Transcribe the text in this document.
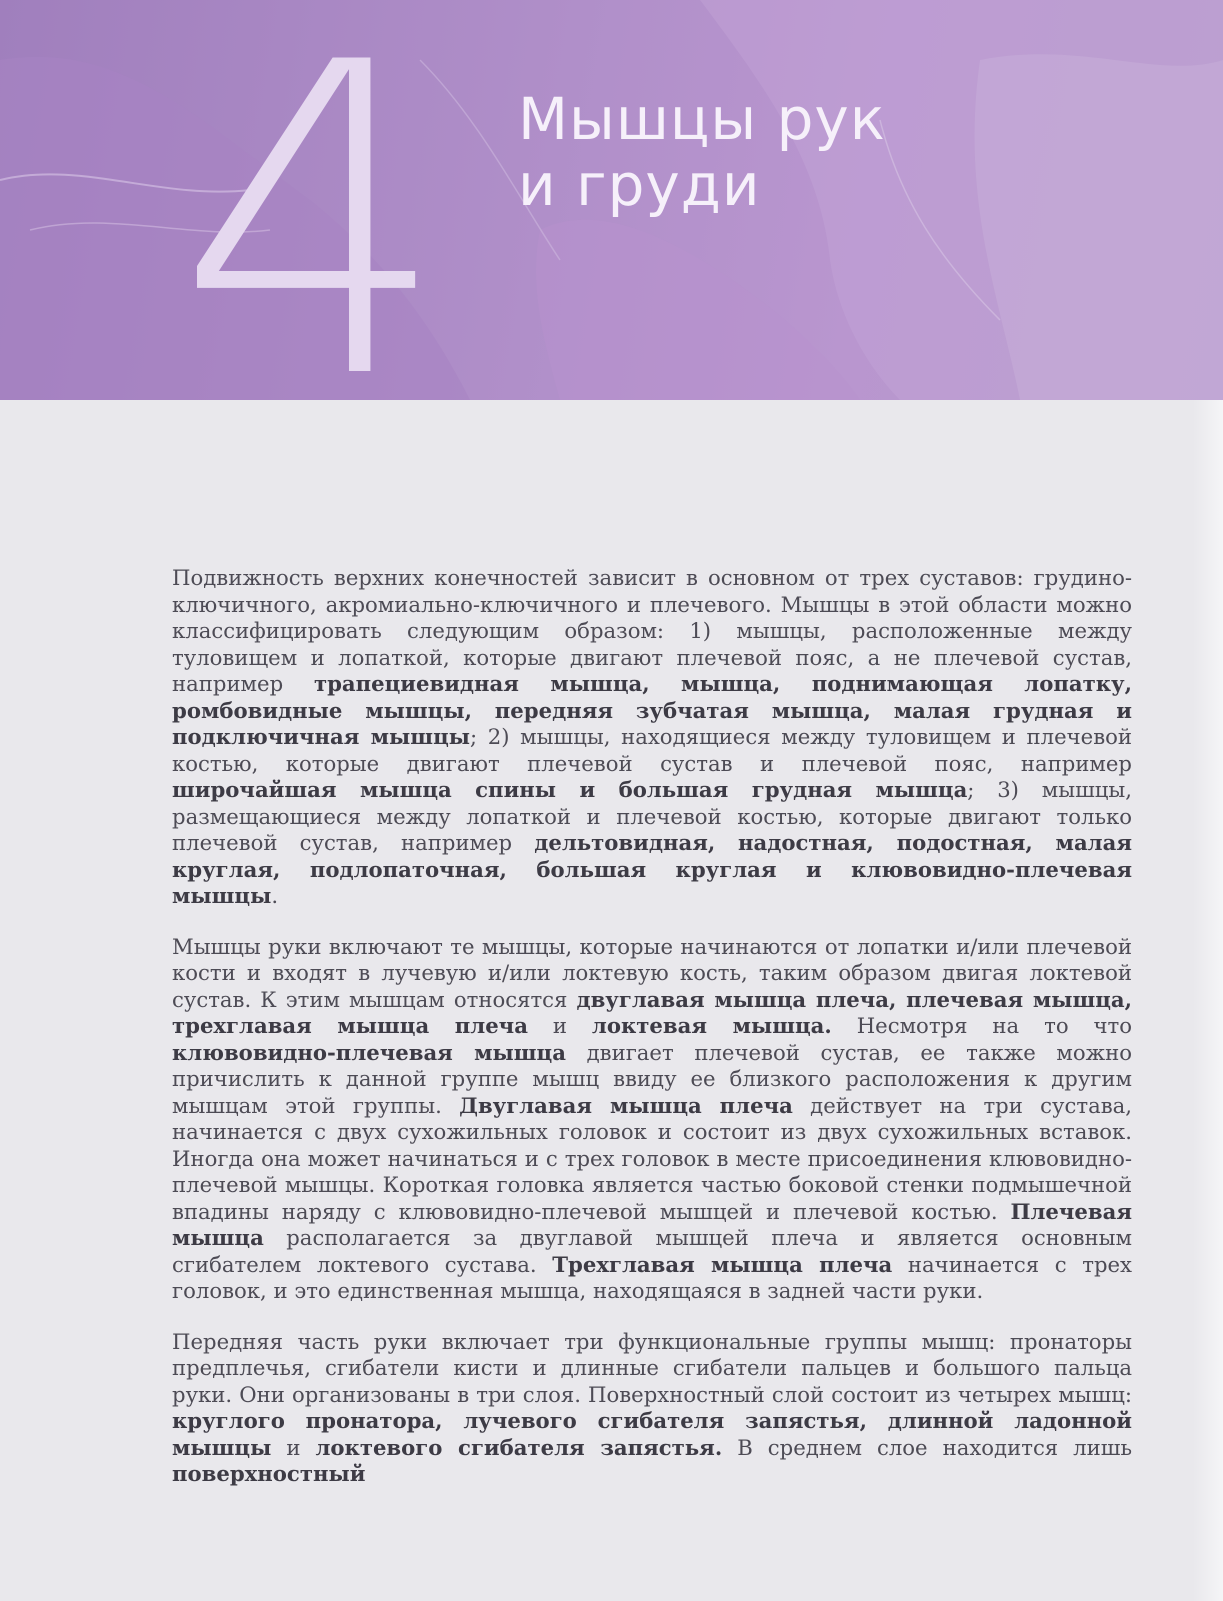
4 Мышцы рук
и груди

Подвижность верхних конечностей зависит в основном от трех суставов: грудино-ключичного, акромиально-ключичного и плечевого. Мышцы в этой области можно классифицировать следующим образом: 1) мышцы, расположенные между туловищем и лопаткой, которые двигают плечевой пояс, а не плечевой сустав, например трапециевидная мышца, мышца, поднимающая лопатку, ромбовидные мышцы, передняя зубчатая мышца, малая грудная и подключичная мышцы; 2) мышцы, находящиеся между туловищем и плечевой костью, которые двигают плечевой сустав и плечевой пояс, например широчайшая мышца спины и большая грудная мышца; 3) мышцы, размещающиеся между лопаткой и плечевой костью, которые двигают только плечевой сустав, например дельтовидная, надостная, подостная, малая круглая, подлопаточная, большая круглая и клювовидно-плечевая мышцы.

Мышцы руки включают те мышцы, которые начинаются от лопатки и/или плечевой кости и входят в лучевую и/или локтевую кость, таким образом двигая локтевой сустав. К этим мышцам относятся двуглавая мышца плеча, плечевая мышца, трехглавая мышца плеча и локтевая мышца. Несмотря на то что клювовидно-плечевая мышца двигает плечевой сустав, ее также можно причислить к данной группе мышц ввиду ее близкого расположения к другим мышцам этой группы. Двуглавая мышца плеча действует на три сустава, начинается с двух сухожильных головок и состоит из двух сухожильных вставок. Иногда она может начинаться и с трех головок в месте присоединения клювовидно-плечевой мышцы. Короткая головка является частью боковой стенки подмышечной впадины наряду с клювовидно-плечевой мышцей и плечевой костью. Плечевая мышца располагается за двуглавой мышцей плеча и является основным сгибателем локтевого сустава. Трехглавая мышца плеча начинается с трех головок, и это единственная мышца, находящаяся в задней части руки.

Передняя часть руки включает три функциональные группы мышц: пронаторы предплечья, сгибатели кисти и длинные сгибатели пальцев и большого пальца руки. Они организованы в три слоя. Поверхностный слой состоит из четырех мышц: круглого пронатора, лучевого сгибателя запястья, длинной ладонной мышцы и локтевого сгибателя запястья. В среднем слое находится лишь поверхностный
